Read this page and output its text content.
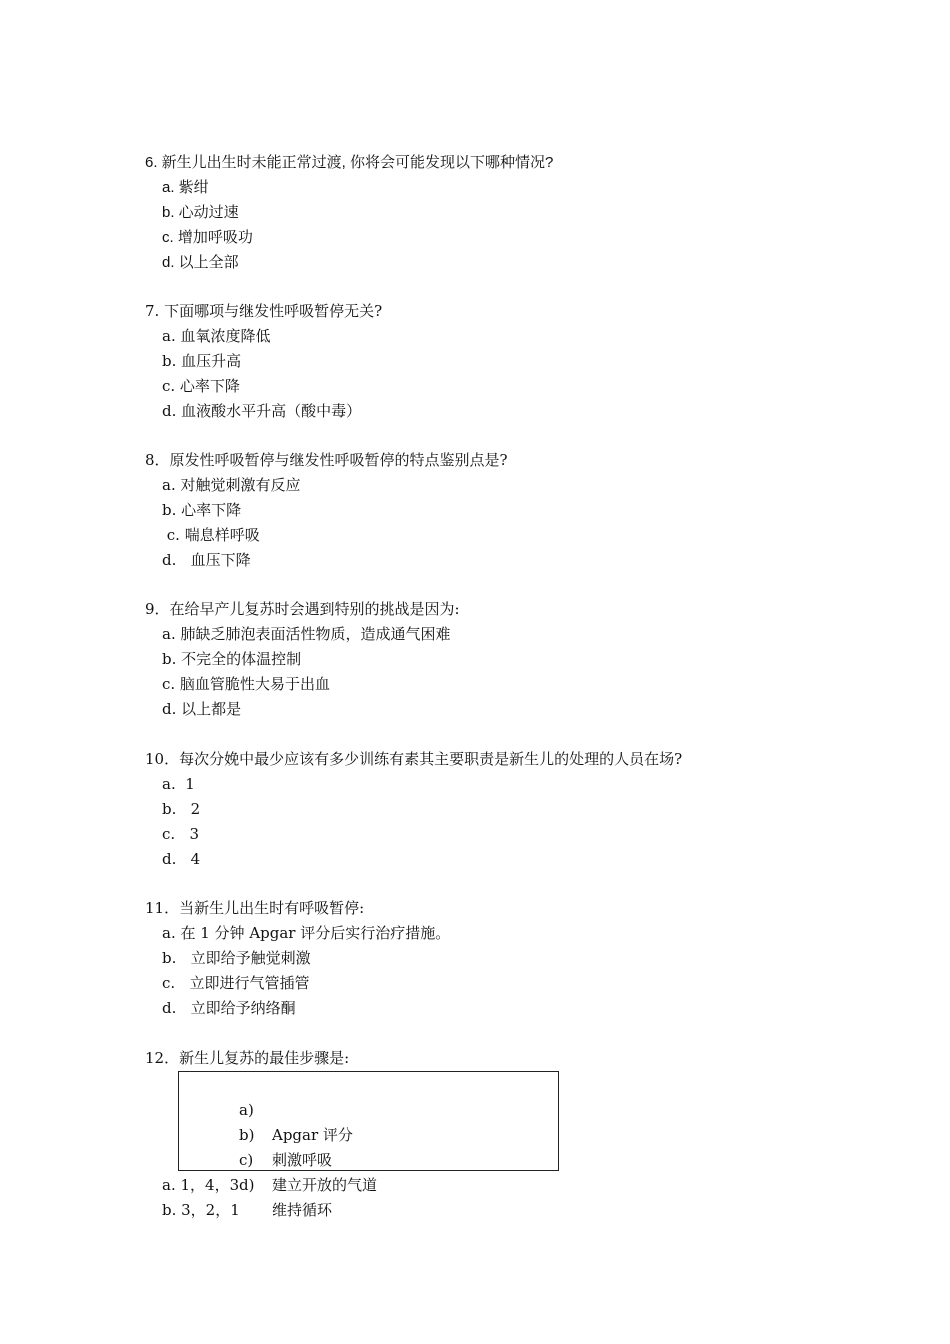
6. 新生儿出生时未能正常过渡, 你将会可能发现以下哪种情况?
a. 紫绀
b. 心动过速
c. 增加呼吸功
d. 以上全部
7. 下面哪项与继发性呼吸暂停无关?
a. 血氧浓度降低
b. 血压升高
c. 心率下降
d. 血液酸水平升高（酸中毒）
8．原发性呼吸暂停与继发性呼吸暂停的特点鉴别点是?
a. 对触觉刺激有反应
b. 心率下降
c. 喘息样呼吸
d.   血压下降
9．在给早产儿复苏时会遇到特别的挑战是因为:
a. 肺缺乏肺泡表面活性物质，造成通气困难
b. 不完全的体温控制
c. 脑血管脆性大易于出血
d. 以上都是
10．每次分娩中最少应该有多少训练有素其主要职责是新生儿的处理的人员在场?
a.  1
b.   2
c.   3
d.   4
11．当新生儿出生时有呼吸暂停:
a. 在 1 分钟 Apgar 评分后实行治疗措施。
b.   立即给予触觉刺激
c.   立即进行气管插管
d.   立即给予纳络酮
12．新生儿复苏的最佳步骤是:

a)

Apgar 评分

b)

刺激呼吸

c)

建立开放的气道

d)

维持循环

a. 1，4，3
b. 3，2，1
